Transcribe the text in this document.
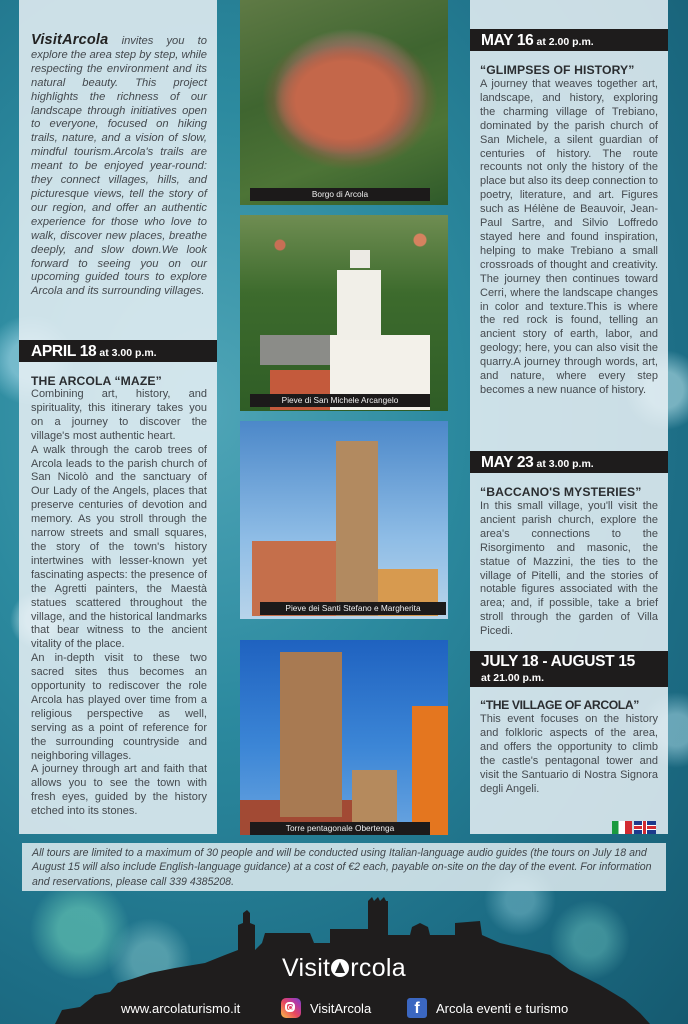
VisitArcola invites you to explore the area step by step, while respecting the environment and its natural beauty. This project highlights the richness of our landscape through initiatives open to everyone, focused on hiking trails, nature, and a vision of slow, mindful tourism.Arcola's trails are meant to be enjoyed year-round: they connect villages, hills, and picturesque views, tell the story of our region, and offer an authentic experience for those who love to walk, discover new places, breathe deeply, and slow down.We look forward to seeing you on our upcoming guided tours to explore Arcola and its surrounding villages.
APRIL 18 at 3.00 p.m.
THE ARCOLA “MAZE”

Combining art, history, and spirituality, this itinerary takes you on a journey to discover the village's most authentic heart.

A walk through the carob trees of Arcola leads to the parish church of San Nicolò and the sanctuary of Our Lady of the Angels, places that preserve centuries of devotion and memory. As you stroll through the narrow streets and small squares, the story of the town's history intertwines with lesser-known yet fascinating aspects: the presence of the Agretti painters, the Maestà statues scattered throughout the village, and the historical landmarks that bear witness to the ancient vitality of the place.

An in-depth visit to these two sacred sites thus becomes an opportunity to rediscover the role Arcola has played over time from a religious perspective as well, serving as a point of reference for the surrounding countryside and neighboring villages.

A journey through art and faith that allows you to see the town with fresh eyes, guided by the history etched into its stones.

Borgo di Arcola
Pieve di San Michele Arcangelo
Pieve dei Santi Stefano e Margherita
Torre pentagonale Obertenga
MAY 16 at 2.00 p.m.
“GLIMPSES OF HISTORY”

A journey that weaves together art, landscape, and history, exploring the charming village of Trebiano, dominated by the parish church of San Michele, a silent guardian of centuries of history. The route recounts not only the history of the place but also its deep connection to poetry, literature, and art. Figures such as Hélène de Beauvoir, Jean-Paul Sartre, and Silvio Loffredo stayed here and found inspiration, helping to make Trebiano a small crossroads of thought and creativity. The journey then continues toward Cerri, where the landscape changes in color and texture.This is where the red rock is found, telling an ancient story of earth, labor, and geology; here, you can also visit the quarry.A journey through words, art, and nature, where every step becomes a new nuance of history.

MAY 23 at 3.00 p.m.
“BACCANO'S MYSTERIES”

In this small village, you'll visit the ancient parish church, explore the area's connections to the Risorgimento and masonic, the statue of Mazzini, the ties to the village of Pitelli, and the stories of notable figures associated with the area; and, if possible, take a brief stroll through the garden of Villa Picedi.

JULY 18 - AUGUST 15
at 21.00 p.m.
“THE VILLAGE OF ARCOLA”

This event focuses on the history and folkloric aspects of the area, and offers the opportunity to climb the castle's pentagonal tower and visit the Santuario di Nostra Signora degli Angeli.

All tours are limited to a maximum of 30 people and will be conducted using Italian-language audio guides (the tours on July 18 and August 15 will also include English-language guidance) at a cost of €2 each, payable on-site on the day of the event. For information and reservations, please call 339 4385208.
Visit rcola
www.arcolaturismo.it	VisitArcola	f	Arcola eventi e turismo
